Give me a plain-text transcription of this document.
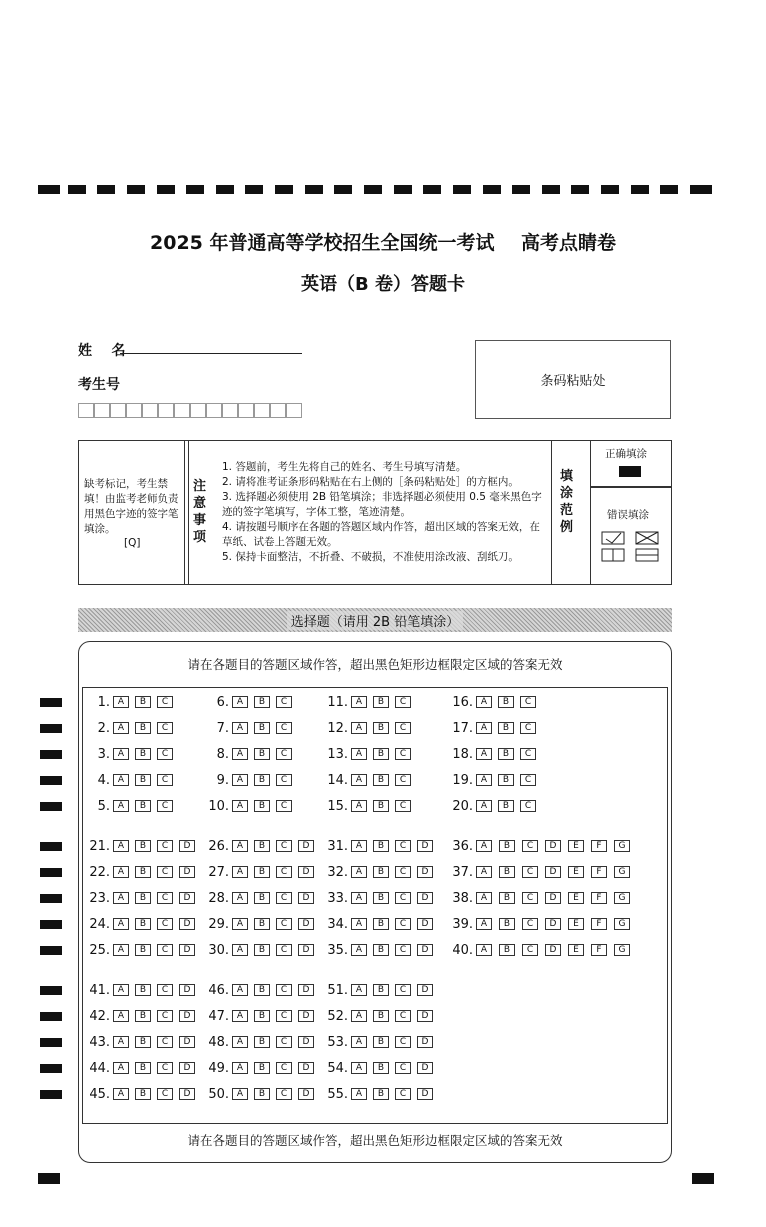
2025 年普通高等学校招生全国统一考试    高考点睛卷
英语（B 卷）答题卡
姓    名
考生号	条码粘贴处
缺考标记，考生禁填！由监考老师负责用黑色字迹的签字笔填涂。
[Q]
注意事项
1. 答题前，考生先将自己的姓名、考生号填写清楚。
2. 请将准考证条形码粘贴在右上侧的［条码粘贴处］的方框内。
3. 选择题必须使用 2B 铅笔填涂；非选择题必须使用 0.5 毫米黑色字迹的签字笔填写，字体工整，笔迹清楚。
4. 请按题号顺序在各题的答题区域内作答，超出区域的答案无效，在草纸、试卷上答题无效。
5. 保持卡面整洁，不折叠、不破损，不准使用涂改液、刮纸刀。
填涂范例
正确填涂
错误填涂
选择题（请用 2B 铅笔填涂）
请在各题目的答题区域作答，超出黑色矩形边框限定区域的答案无效
请在各题目的答题区域作答，超出黑色矩形边框限定区域的答案无效
1. A	B	C
2. A	B	C
3. A	B	C
4. A	B	C
5. A	B	C
6. A	B	C
7. A	B	C
8. A	B	C
9. A	B	C
10. A	B	C
11. A	B	C
12. A	B	C
13. A	B	C
14. A	B	C
15. A	B	C
16. A	B	C
17. A	B	C
18. A	B	C
19. A	B	C
20. A	B	C
21. A	B	C	D
22. A	B	C	D
23. A	B	C	D
24. A	B	C	D
25. A	B	C	D
26. A	B	C	D
27. A	B	C	D
28. A	B	C	D
29. A	B	C	D
30. A	B	C	D
31. A	B	C	D
32. A	B	C	D
33. A	B	C	D
34. A	B	C	D
35. A	B	C	D
36. A	B	C	D	E	F	G
37. A	B	C	D	E	F	G
38. A	B	C	D	E	F	G
39. A	B	C	D	E	F	G
40. A	B	C	D	E	F	G
41. A	B	C	D
42. A	B	C	D
43. A	B	C	D
44. A	B	C	D
45. A	B	C	D
46. A	B	C	D
47. A	B	C	D
48. A	B	C	D
49. A	B	C	D
50. A	B	C	D
51. A	B	C	D
52. A	B	C	D
53. A	B	C	D
54. A	B	C	D
55. A	B	C	D
